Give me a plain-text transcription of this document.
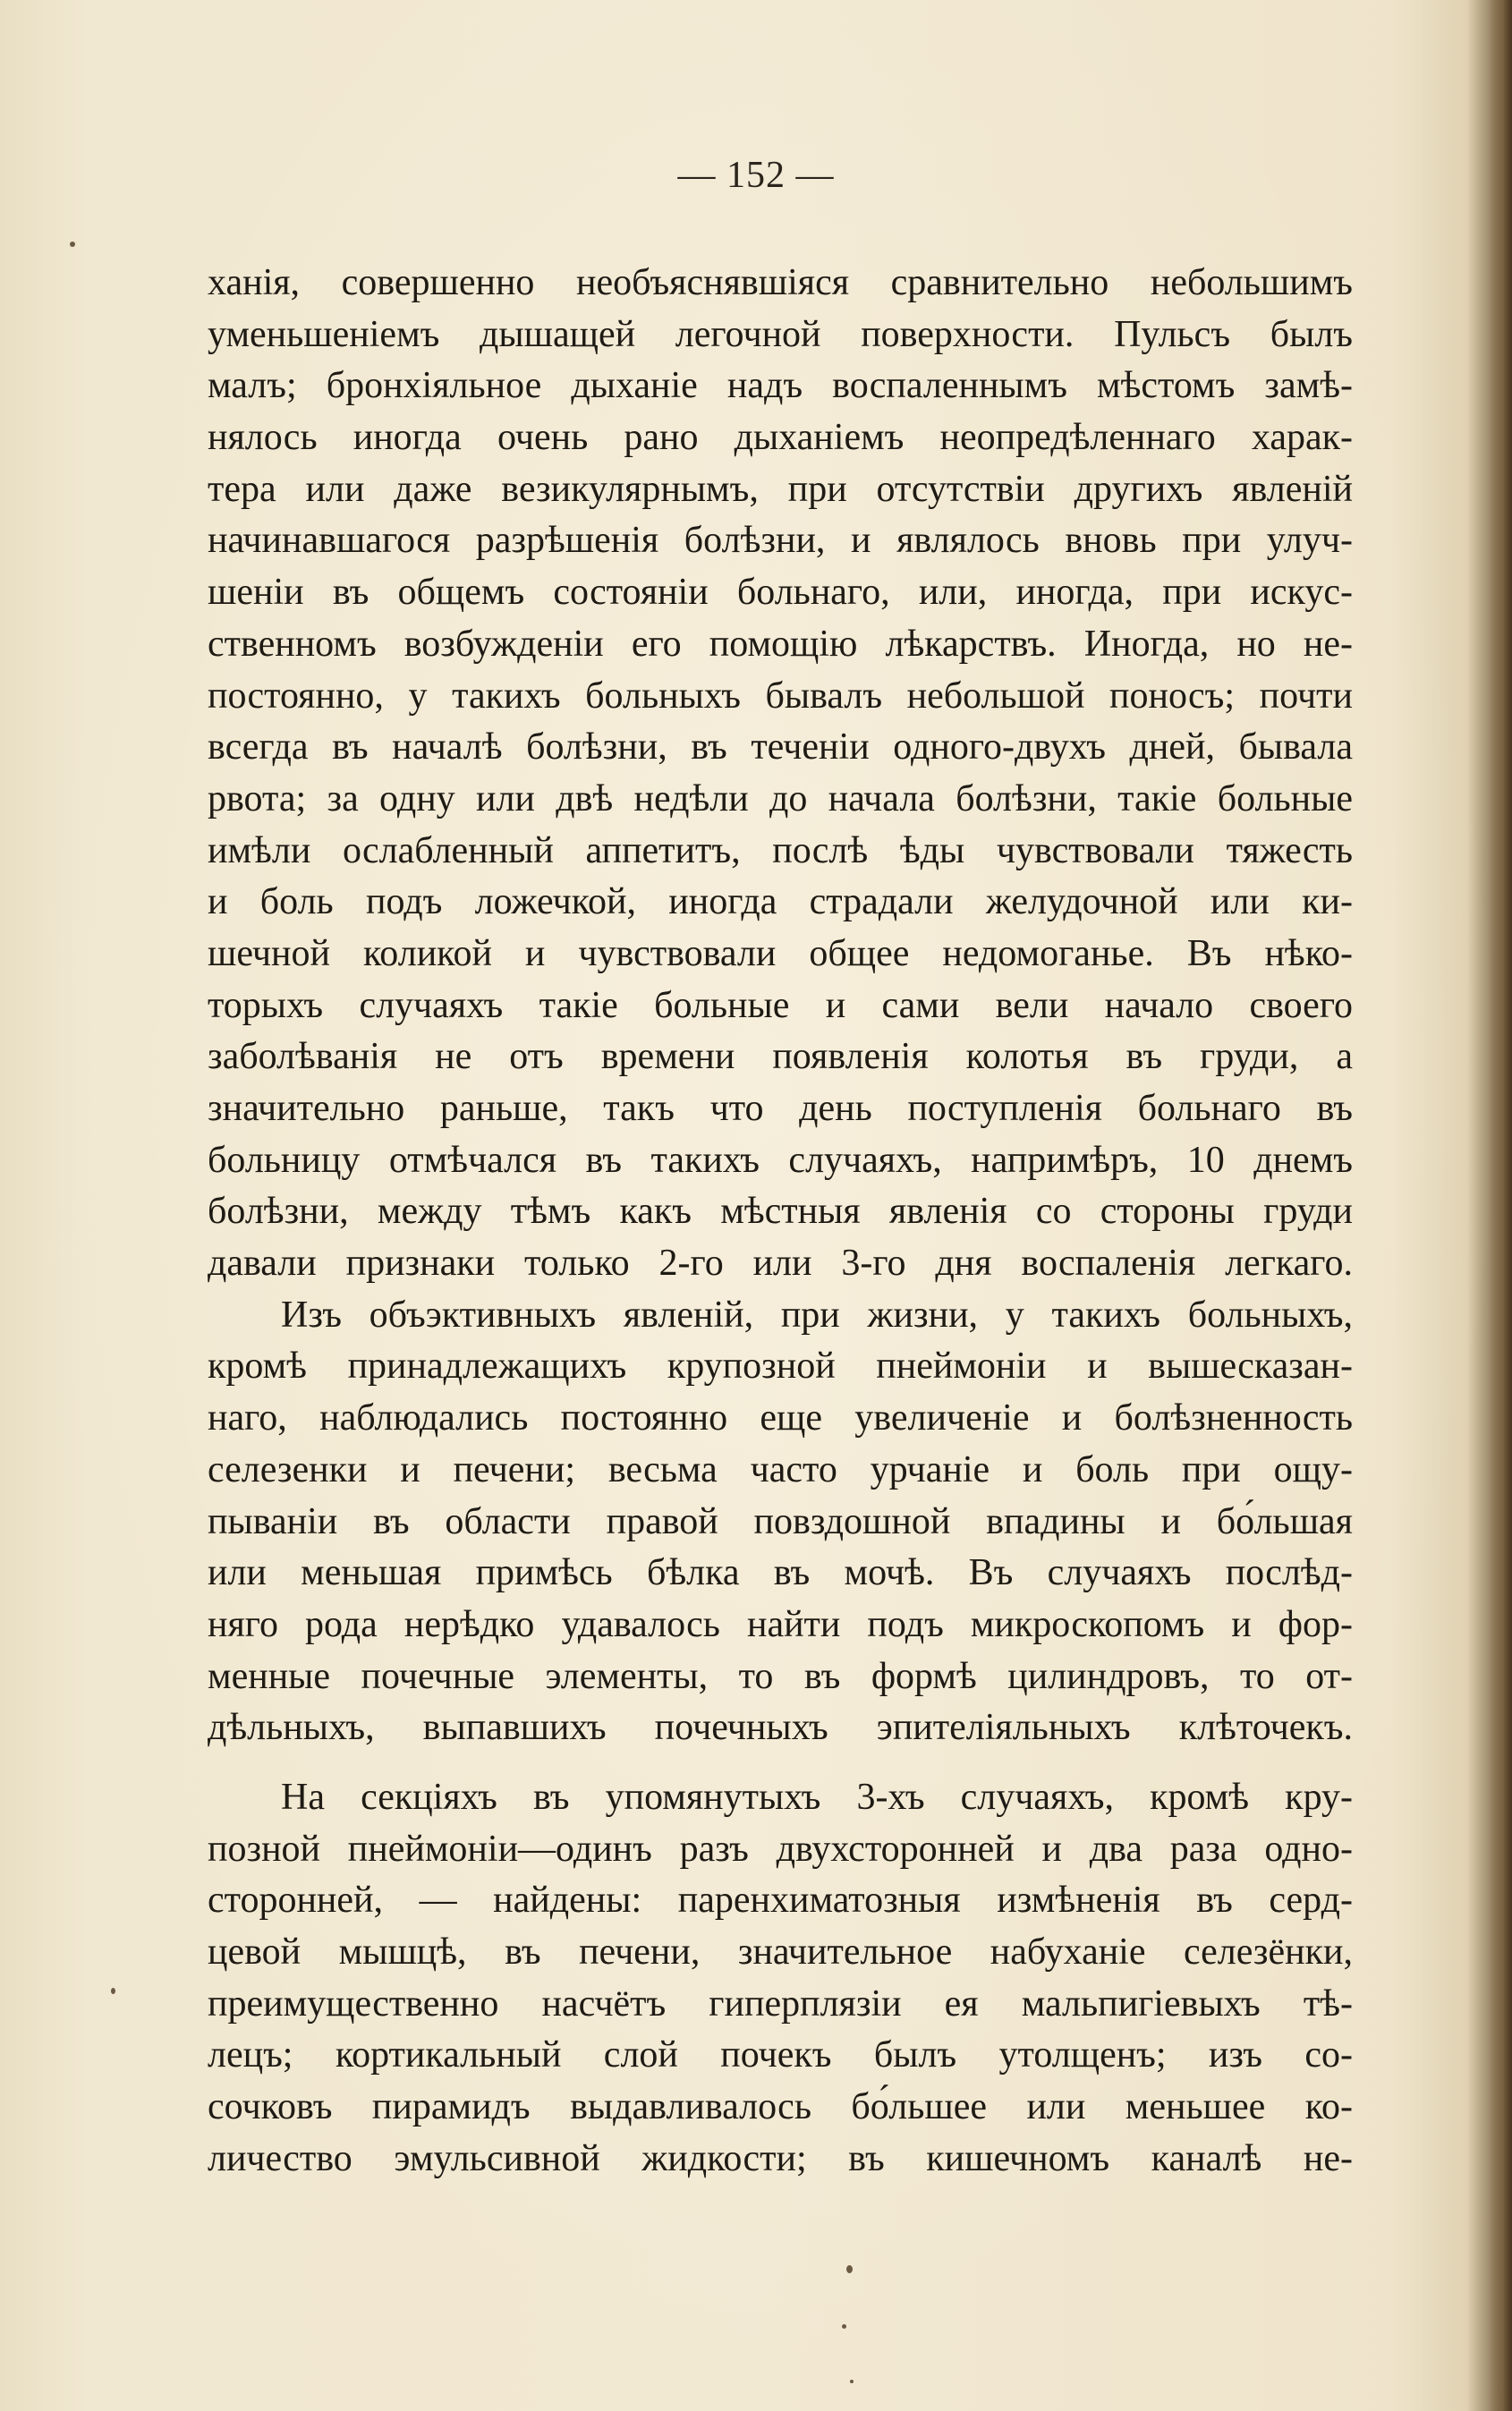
— 152 —
ханія, совершенно необъяснявшіяся сравнительно небольшимъ
уменьшеніемъ дышащей легочной поверхности. Пульсъ былъ
малъ; бронхіяльное дыханіе надъ воспаленнымъ мѣстомъ замѣ-
нялось иногда очень рано дыханіемъ неопредѣленнаго харак-
тера или даже везикулярнымъ, при отсутствіи другихъ явленій
начинавшагося разрѣшенія болѣзни, и являлось вновь при улуч-
шеніи въ общемъ состояніи больнаго, или, иногда, при искус-
ственномъ возбужденіи его помощію лѣкарствъ. Иногда, но не-
постоянно, у такихъ больныхъ бывалъ небольшой поносъ; почти
всегда въ началѣ болѣзни, въ теченіи одного-двухъ дней, бывала
рвота; за одну или двѣ недѣли до начала болѣзни, такіе больные
имѣли ослабленный аппетитъ, послѣ ѣды чувствовали тяжесть
и боль подъ ложечкой, иногда страдали желудочной или ки-
шечной коликой и чувствовали общее недомоганье. Въ нѣко-
торыхъ случаяхъ такіе больные и сами вели начало своего
заболѣванія не отъ времени появленія колотья въ груди, а
значительно раньше, такъ что день поступленія больнаго въ
больницу отмѣчался въ такихъ случаяхъ, напримѣръ, 10 днемъ
болѣзни, между тѣмъ какъ мѣстныя явленія со стороны груди
давали признаки только 2-го или 3-го дня воспаленія легкаго.
Изъ объэктивныхъ явленій, при жизни, у такихъ больныхъ,
кромѣ принадлежащихъ крупозной пнеймоніи и вышесказан-
наго, наблюдались постоянно еще увеличеніе и болѣзненность
селезенки и печени; весьма часто урчаніе и боль при ощу-
пываніи въ области правой повздошной впадины и бо́льшая
или меньшая примѣсь бѣлка въ мочѣ. Въ случаяхъ послѣд-
няго рода нерѣдко удавалось найти подъ микроскопомъ и фор-
менные почечные элементы, то въ формѣ цилиндровъ, то от-
дѣльныхъ, выпавшихъ почечныхъ эпителіяльныхъ клѣточекъ.
На секціяхъ въ упомянутыхъ 3-хъ случаяхъ, кромѣ кру-
позной пнеймоніи—одинъ разъ двухсторонней и два раза одно-
сторонней, — найдены: паренхиматозныя измѣненія въ серд-
цевой мышцѣ, въ печени, значительное набуханіе селезёнки,
преимущественно насчётъ гиперплязіи ея мальпигіевыхъ тѣ-
лецъ; кортикальный слой почекъ былъ утолщенъ; изъ со-
сочковъ пирамидъ выдавливалось бо́льшее или меньшее ко-
личество эмульсивной жидкости; въ кишечномъ каналѣ не-
